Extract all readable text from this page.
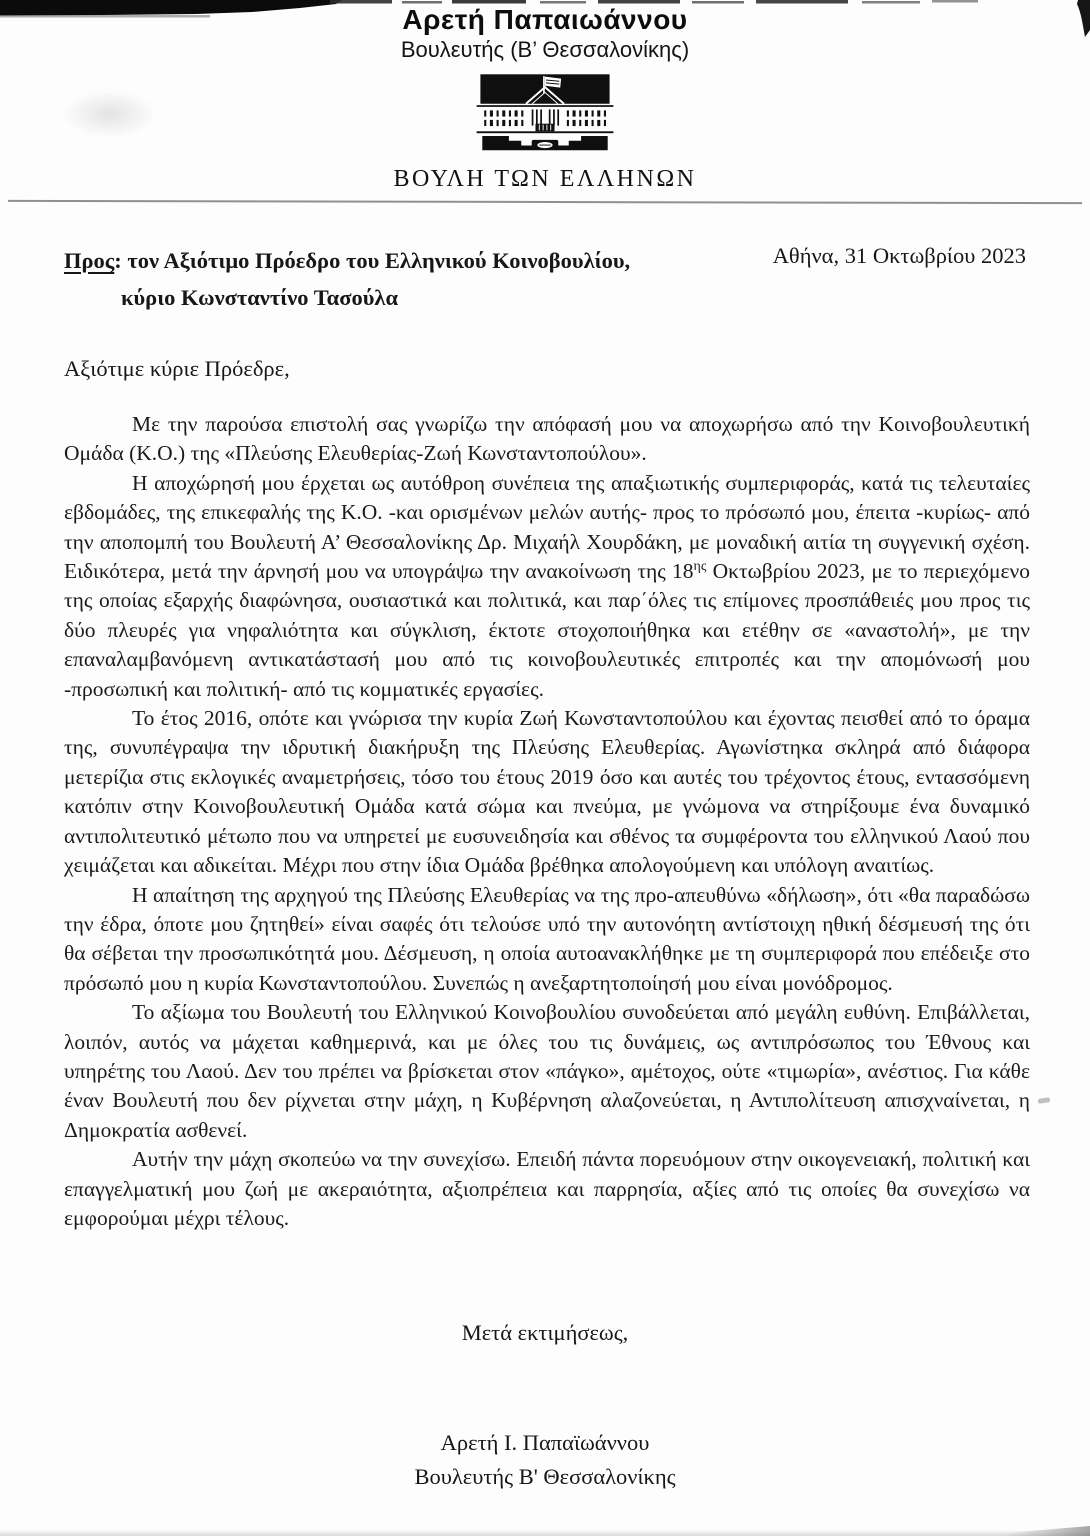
Αρετή Παπαιωάννου
Βουλευτής (Β’ Θεσσαλονίκης)
ΒΟΥΛΗ ΤΩΝ ΕΛΛΗΝΩΝ
Προς: τον Αξιότιμο Πρόεδρο του Ελληνικού Κοινοβουλίου,
κύριο Κωνσταντίνο Τασούλα
Αθήνα, 31 Οκτωβρίου 2023
Αξιότιμε κύριε Πρόεδρε,

Με την παρούσα επιστολή σας γνωρίζω την απόφασή μου να αποχωρήσω από την Κοινοβουλευτική Ομάδα (Κ.Ο.) της «Πλεύσης Ελευθερίας-Ζωή Κωνσταντοπούλου».

Η αποχώρησή μου έρχεται ως αυτόθροη συνέπεια της απαξιωτικής συμπεριφοράς, κατά τις τελευταίες εβδομάδες, της επικεφαλής της Κ.Ο. -και ορισμένων μελών αυτής- προς το πρόσωπό μου, έπειτα -κυρίως- από την αποπομπή του Βουλευτή Α’ Θεσσαλονίκης Δρ. Μιχαήλ Χουρδάκη, με μοναδική αιτία τη συγγενική σχέση. Ειδικότερα, μετά την άρνησή μου να υπογράψω την ανακοίνωση της $18^{\eta\varsigma}$ Οκτωβρίου 2023, με το περιεχόμενο της οποίας εξαρχής διαφώνησα, ουσιαστικά και πολιτικά, και παρ΄όλες τις επίμονες προσπάθειές μου προς τις δύο πλευρές για νηφαλιότητα και σύγκλιση, έκτοτε στοχοποιήθηκα και ετέθην σε «αναστολή», με την επαναλαμβανόμενη αντικατάστασή μου από τις κοινοβουλευτικές επιτροπές και την απομόνωσή μου -προσωπική και πολιτική- από τις κομματικές εργασίες.

Το έτος 2016, οπότε και γνώρισα την κυρία Ζωή Κωνσταντοπούλου και έχοντας πεισθεί από το όραμα της, συνυπέγραψα την ιδρυτική διακήρυξη της Πλεύσης Ελευθερίας. Αγωνίστηκα σκληρά από διάφορα μετερίζια στις εκλογικές αναμετρήσεις, τόσο του έτους 2019 όσο και αυτές του τρέχοντος έτους, εντασσόμενη κατόπιν στην Κοινοβουλευτική Ομάδα κατά σώμα και πνεύμα, με γνώμονα να στηρίξουμε ένα δυναμικό αντιπολιτευτικό μέτωπο που να υπηρετεί με ευσυνειδησία και σθένος τα συμφέροντα του ελληνικού Λαού που χειμάζεται και αδικείται. Μέχρι που στην ίδια Ομάδα βρέθηκα απολογούμενη και υπόλογη αναιτίως.

Η απαίτηση της αρχηγού της Πλεύσης Ελευθερίας να της προ-απευθύνω «δήλωση», ότι «θα παραδώσω την έδρα, όποτε μου ζητηθεί» είναι σαφές ότι τελούσε υπό την αυτονόητη αντίστοιχη ηθική δέσμευσή της ότι θα σέβεται την προσωπικότητά μου. Δέσμευση, η οποία αυτοανακλήθηκε με τη συμπεριφορά που επέδειξε στο πρόσωπό μου η κυρία Κωνσταντοπούλου. Συνεπώς η ανεξαρτητοποίησή μου είναι μονόδρομος.

Το αξίωμα του Βουλευτή του Ελληνικού Κοινοβουλίου συνοδεύεται από μεγάλη ευθύνη. Επιβάλλεται, λοιπόν, αυτός να μάχεται καθημερινά, και με όλες του τις δυνάμεις, ως αντιπρόσωπος του Έθνους και υπηρέτης του Λαού. Δεν του πρέπει να βρίσκεται στον «πάγκο», αμέτοχος, ούτε «τιμωρία», ανέστιος. Για κάθε έναν Βουλευτή που δεν ρίχνεται στην μάχη, η Κυβέρνηση αλαζονεύεται, η Αντιπολίτευση απισχναίνεται, η Δημοκρατία ασθενεί.

Αυτήν την μάχη σκοπεύω να την συνεχίσω. Επειδή πάντα πορευόμουν στην οικογενειακή, πολιτική και επαγγελματική μου ζωή με ακεραιότητα, αξιοπρέπεια και παρρησία, αξίες από τις οποίες θα συνεχίσω να εμφορούμαι μέχρι τέλους.

Μετά εκτιμήσεως,
Αρετή Ι. Παπαϊωάννου
Βουλευτής Β' Θεσσαλονίκης
